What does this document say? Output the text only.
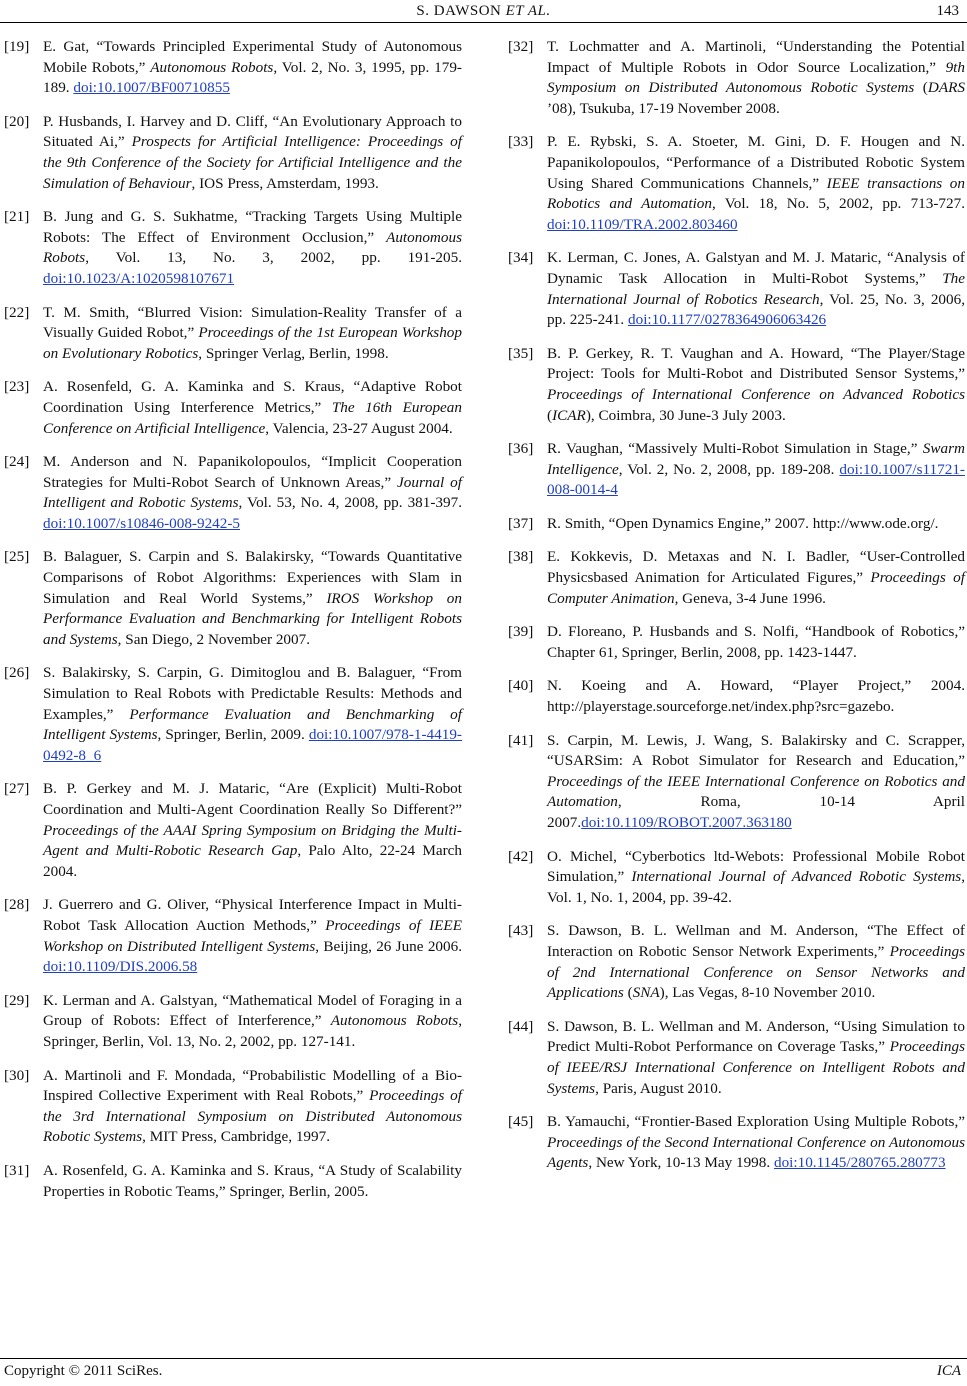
S. DAWSON ET AL.	143
[19] E. Gat, “Towards Principled Experimental Study of Autonomous Mobile Robots,” Autonomous Robots, Vol. 2, No. 3, 1995, pp. 179-189. doi:10.1007/BF00710855
[20] P. Husbands, I. Harvey and D. Cliff, “An Evolutionary Approach to Situated Ai,” Prospects for Artificial Intelligence: Proceedings of the 9th Conference of the Society for Artificial Intelligence and the Simulation of Behaviour, IOS Press, Amsterdam, 1993.
[21] B. Jung and G. S. Sukhatme, “Tracking Targets Using Multiple Robots: The Effect of Environment Occlusion,” Autonomous Robots, Vol. 13, No. 3, 2002, pp. 191-205. doi:10.1023/A:1020598107671
[22] T. M. Smith, “Blurred Vision: Simulation-Reality Transfer of a Visually Guided Robot,” Proceedings of the 1st European Workshop on Evolutionary Robotics, Springer Verlag, Berlin, 1998.
[23] A. Rosenfeld, G. A. Kaminka and S. Kraus, “Adaptive Robot Coordination Using Interference Metrics,” The 16th European Conference on Artificial Intelligence, Valencia, 23-27 August 2004.
[24] M. Anderson and N. Papanikolopoulos, “Implicit Cooperation Strategies for Multi-Robot Search of Unknown Areas,” Journal of Intelligent and Robotic Systems, Vol. 53, No. 4, 2008, pp. 381-397. doi:10.1007/s10846-008-9242-5
[25] B. Balaguer, S. Carpin and S. Balakirsky, “Towards Quantitative Comparisons of Robot Algorithms: Experiences with Slam in Simulation and Real World Systems,” IROS Workshop on Performance Evaluation and Benchmarking for Intelligent Robots and Systems, San Diego, 2 November 2007.
[26] S. Balakirsky, S. Carpin, G. Dimitoglou and B. Balaguer, “From Simulation to Real Robots with Predictable Results: Methods and Examples,” Performance Evaluation and Benchmarking of Intelligent Systems, Springer, Berlin, 2009. doi:10.1007/978-1-4419-0492-8_6
[27] B. P. Gerkey and M. J. Mataric, “Are (Explicit) Multi-Robot Coordination and Multi-Agent Coordination Really So Different?” Proceedings of the AAAI Spring Symposium on Bridging the Multi-Agent and Multi-Robotic Research Gap, Palo Alto, 22-24 March 2004.
[28] J. Guerrero and G. Oliver, “Physical Interference Impact in Multi-Robot Task Allocation Auction Methods,” Proceedings of IEEE Workshop on Distributed Intelligent Systems, Beijing, 26 June 2006. doi:10.1109/DIS.2006.58
[29] K. Lerman and A. Galstyan, “Mathematical Model of Foraging in a Group of Robots: Effect of Interference,” Autonomous Robots, Springer, Berlin, Vol. 13, No. 2, 2002, pp. 127-141.
[30] A. Martinoli and F. Mondada, “Probabilistic Modelling of a Bio-Inspired Collective Experiment with Real Robots,” Proceedings of the 3rd International Symposium on Distributed Autonomous Robotic Systems, MIT Press, Cambridge, 1997.
[31] A. Rosenfeld, G. A. Kaminka and S. Kraus, “A Study of Scalability Properties in Robotic Teams,” Springer, Berlin, 2005.
[32] T. Lochmatter and A. Martinoli, “Understanding the Potential Impact of Multiple Robots in Odor Source Localization,” 9th Symposium on Distributed Autonomous Robotic Systems (DARS ’08), Tsukuba, 17-19 November 2008.
[33] P. E. Rybski, S. A. Stoeter, M. Gini, D. F. Hougen and N. Papanikolopoulos, “Performance of a Distributed Robotic System Using Shared Communications Channels,” IEEE transactions on Robotics and Automation, Vol. 18, No. 5, 2002, pp. 713-727. doi:10.1109/TRA.2002.803460
[34] K. Lerman, C. Jones, A. Galstyan and M. J. Mataric, “Analysis of Dynamic Task Allocation in Multi-Robot Systems,” The International Journal of Robotics Research, Vol. 25, No. 3, 2006, pp. 225-241. doi:10.1177/0278364906063426
[35] B. P. Gerkey, R. T. Vaughan and A. Howard, “The Player/Stage Project: Tools for Multi-Robot and Distributed Sensor Systems,” Proceedings of International Conference on Advanced Robotics (ICAR), Coimbra, 30 June-3 July 2003.
[36] R. Vaughan, “Massively Multi-Robot Simulation in Stage,” Swarm Intelligence, Vol. 2, No. 2, 2008, pp. 189-208. doi:10.1007/s11721-008-0014-4
[37] R. Smith, “Open Dynamics Engine,” 2007. http://www.ode.org/.
[38] E. Kokkevis, D. Metaxas and N. I. Badler, “User-Controlled Physicsbased Animation for Articulated Figures,” Proceedings of Computer Animation, Geneva, 3-4 June 1996.
[39] D. Floreano, P. Husbands and S. Nolfi, “Handbook of Robotics,” Chapter 61, Springer, Berlin, 2008, pp. 1423-1447.
[40] N. Koeing and A. Howard, “Player Project,” 2004. http://playerstage.sourceforge.net/index.php?src=gazebo.
[41] S. Carpin, M. Lewis, J. Wang, S. Balakirsky and C. Scrapper, “USARSim: A Robot Simulator for Research and Education,” Proceedings of the IEEE International Conference on Robotics and Automation, Roma, 10-14 April 2007.doi:10.1109/ROBOT.2007.363180
[42] O. Michel, “Cyberbotics ltd-Webots: Professional Mobile Robot Simulation,” International Journal of Advanced Robotic Systems, Vol. 1, No. 1, 2004, pp. 39-42.
[43] S. Dawson, B. L. Wellman and M. Anderson, “The Effect of Interaction on Robotic Sensor Network Experiments,” Proceedings of 2nd International Conference on Sensor Networks and Applications (SNA), Las Vegas, 8-10 November 2010.
[44] S. Dawson, B. L. Wellman and M. Anderson, “Using Simulation to Predict Multi-Robot Performance on Coverage Tasks,” Proceedings of IEEE/RSJ International Conference on Intelligent Robots and Systems, Paris, August 2010.
[45] B. Yamauchi, “Frontier-Based Exploration Using Multiple Robots,” Proceedings of the Second International Conference on Autonomous Agents, New York, 10-13 May 1998. doi:10.1145/280765.280773
Copyright © 2011 SciRes.	ICA
